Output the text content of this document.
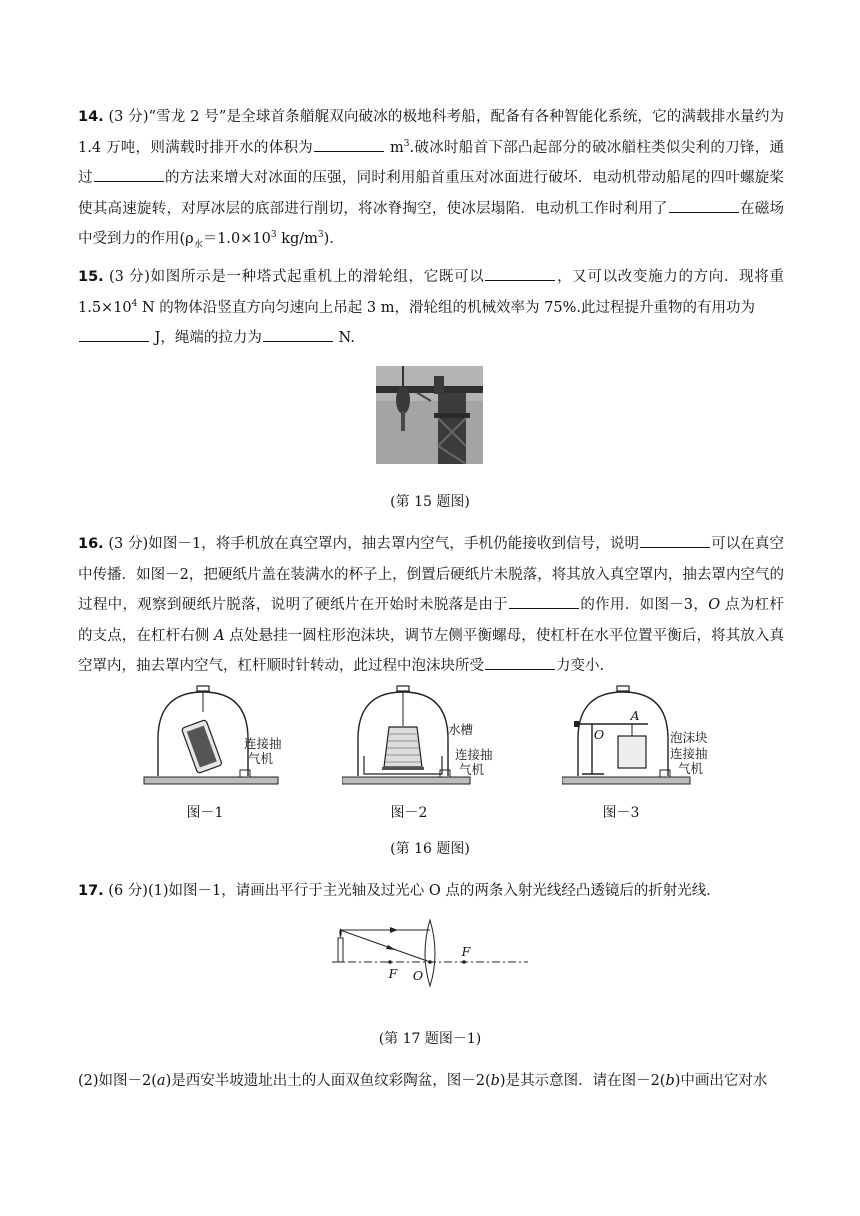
14. (3 分)“雪龙 2 号”是全球首条艏艉双向破冰的极地科考船，配备有各种智能化系统，它的满载排水量约为 1.4 万吨，则满载时排开水的体积为	$m^3$.破冰时船首下部凸起部分的破冰艏柱类似尖利的刀锋，通过	的方法来增大对冰面的压强，同时利用船首重压对冰面进行破坏．电动机带动船尾的四叶螺旋桨使其高速旋转，对厚冰层的底部进行削切，将冰脊掏空，使冰层塌陷．电动机工作时利用了	在磁场中受到力的作用($\rho_水=1.0\times 10^3$ $kg/m^3$)．
15. (3 分)如图所示是一种塔式起重机上的滑轮组，它既可以	，又可以改变施力的方向．现将重 $1.5\times 10^4$ N 的物体沿竖直方向匀速向上吊起 3 m，滑轮组的机械效率为 75%.此过程提升重物的有用功为
J，绳端的拉力为	N.
(第 15 题图)
16. (3 分)如图－1，将手机放在真空罩内，抽去罩内空气，手机仍能接收到信号，说明	可以在真空中传播．如图－2，把硬纸片盖在装满水的杯子上，倒置后硬纸片未脱落，将其放入真空罩内，抽去罩内空气的过程中，观察到硬纸片脱落，说明了硬纸片在开始时未脱落是由于	的作用．如图－3，O 点为杠杆的支点，在杠杆右侧 A 点处悬挂一圆柱形泡沫块，调节左侧平衡螺母，使杠杆在水平位置平衡后，将其放入真空罩内，抽去罩内空气，杠杆顺时针转动，此过程中泡沫块所受	力变小.
连接抽
气机
图－1
水槽
连接抽
气机
图－2
A
O	泡沫块
连接抽
气机
图－3
(第 16 题图)
17. (6 分)(1)如图－1，请画出平行于主光轴及过光心 O 点的两条入射光线经凸透镜后的折射光线．
F O
F
(第 17 题图－1)
(2)如图－2(a)是西安半坡遗址出土的人面双鱼纹彩陶盆，图－2(b)是其示意图．请在图－2(b)中画出它对水
